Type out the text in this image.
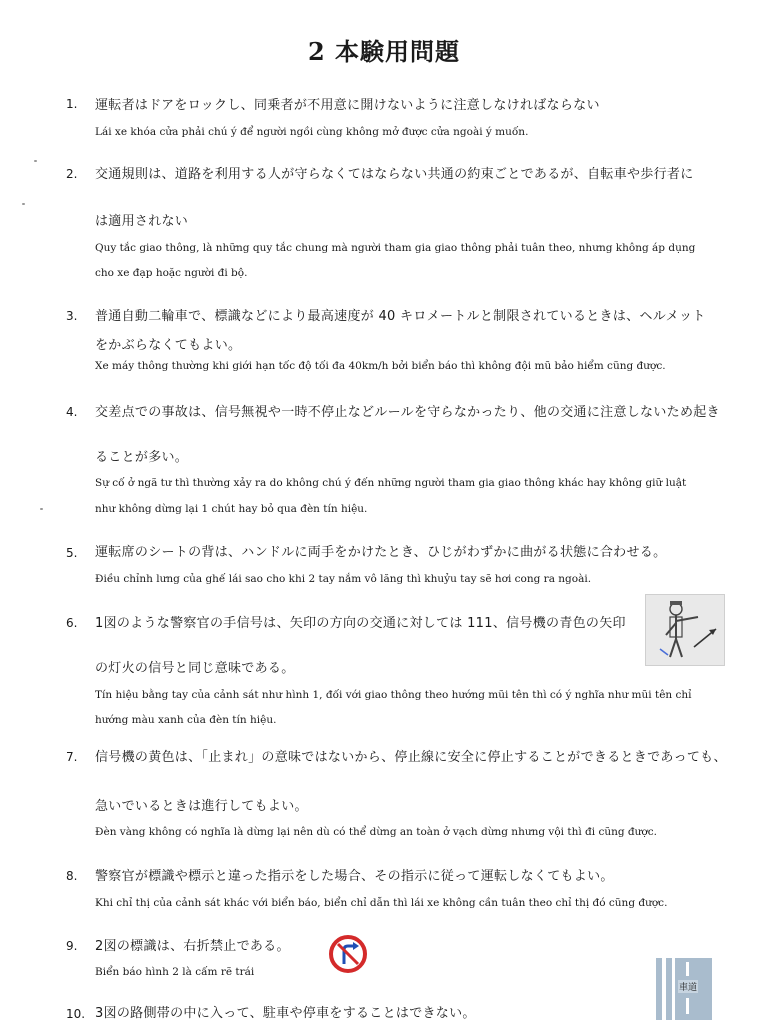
2 本験用問題
1. 運転者はドアをロックし、同乗者が不用意に開けないように注意しなければならない
Lái xe khóa cửa phải chú ý để người ngồi cùng không mở được cửa ngoài ý muốn.
2. 交通規則は、道路を利用する人が守らなくてはならない共通の約束ごとであるが、自転車や歩行者に
は適用されない
Quy tắc giao thông, là những quy tắc chung mà người tham gia giao thông phải tuân theo, nhưng không áp dụng
cho xe đạp hoặc người đi bộ.
3. 普通自動二輪車で、標識などにより最高速度が 40 キロメートルと制限されているときは、ヘルメット
をかぶらなくてもよい。
Xe máy thông thường khi giới hạn tốc độ tối đa 40km/h bởi biển báo thì không đội mũ bảo hiểm cũng được.
4. 交差点での事故は、信号無視や一時不停止などルールを守らなかったり、他の交通に注意しないため起き
ることが多い。
Sự cố ở ngã tư thì thường xảy ra do không chú ý đến những người tham gia giao thông khác hay không giữ luật
như không dừng lại 1 chút hay bỏ qua đèn tín hiệu.
5. 運転席のシートの背は、ハンドルに両手をかけたとき、ひじがわずかに曲がる状態に合わせる。
Điều chỉnh lưng của ghế lái sao cho khi 2 tay nắm vô lăng thì khuỷu tay sẽ hơi cong ra ngoài.
6. 1図のような警察官の手信号は、矢印の方向の交通に対しては 111、信号機の青色の矢印
の灯火の信号と同じ意味である。
Tín hiệu bằng tay của cảnh sát như hình 1, đối với giao thông theo hướng mũi tên thì có ý nghĩa như mũi tên chỉ
hướng màu xanh của đèn tín hiệu.
7. 信号機の黄色は、「止まれ」の意味ではないから、停止線に安全に停止することができるときであっても、
急いでいるときは進行してもよい。
Đèn vàng không có nghĩa là dừng lại nên dù có thể dừng an toàn ở vạch dừng nhưng vội thì đi cũng được.
8. 警察官が標識や標示と違った指示をした場合、その指示に従って運転しなくてもよい。
Khi chỉ thị của cảnh sát khác với biển báo, biển chỉ dẫn thì lái xe không cần tuân theo chỉ thị đó cũng được.
9. 2図の標識は、右折禁止である。
Biển báo hình 2 là cấm rẽ trái
10. 3図の路側帯の中に入って、駐車や停車をすることはできない。
車道
